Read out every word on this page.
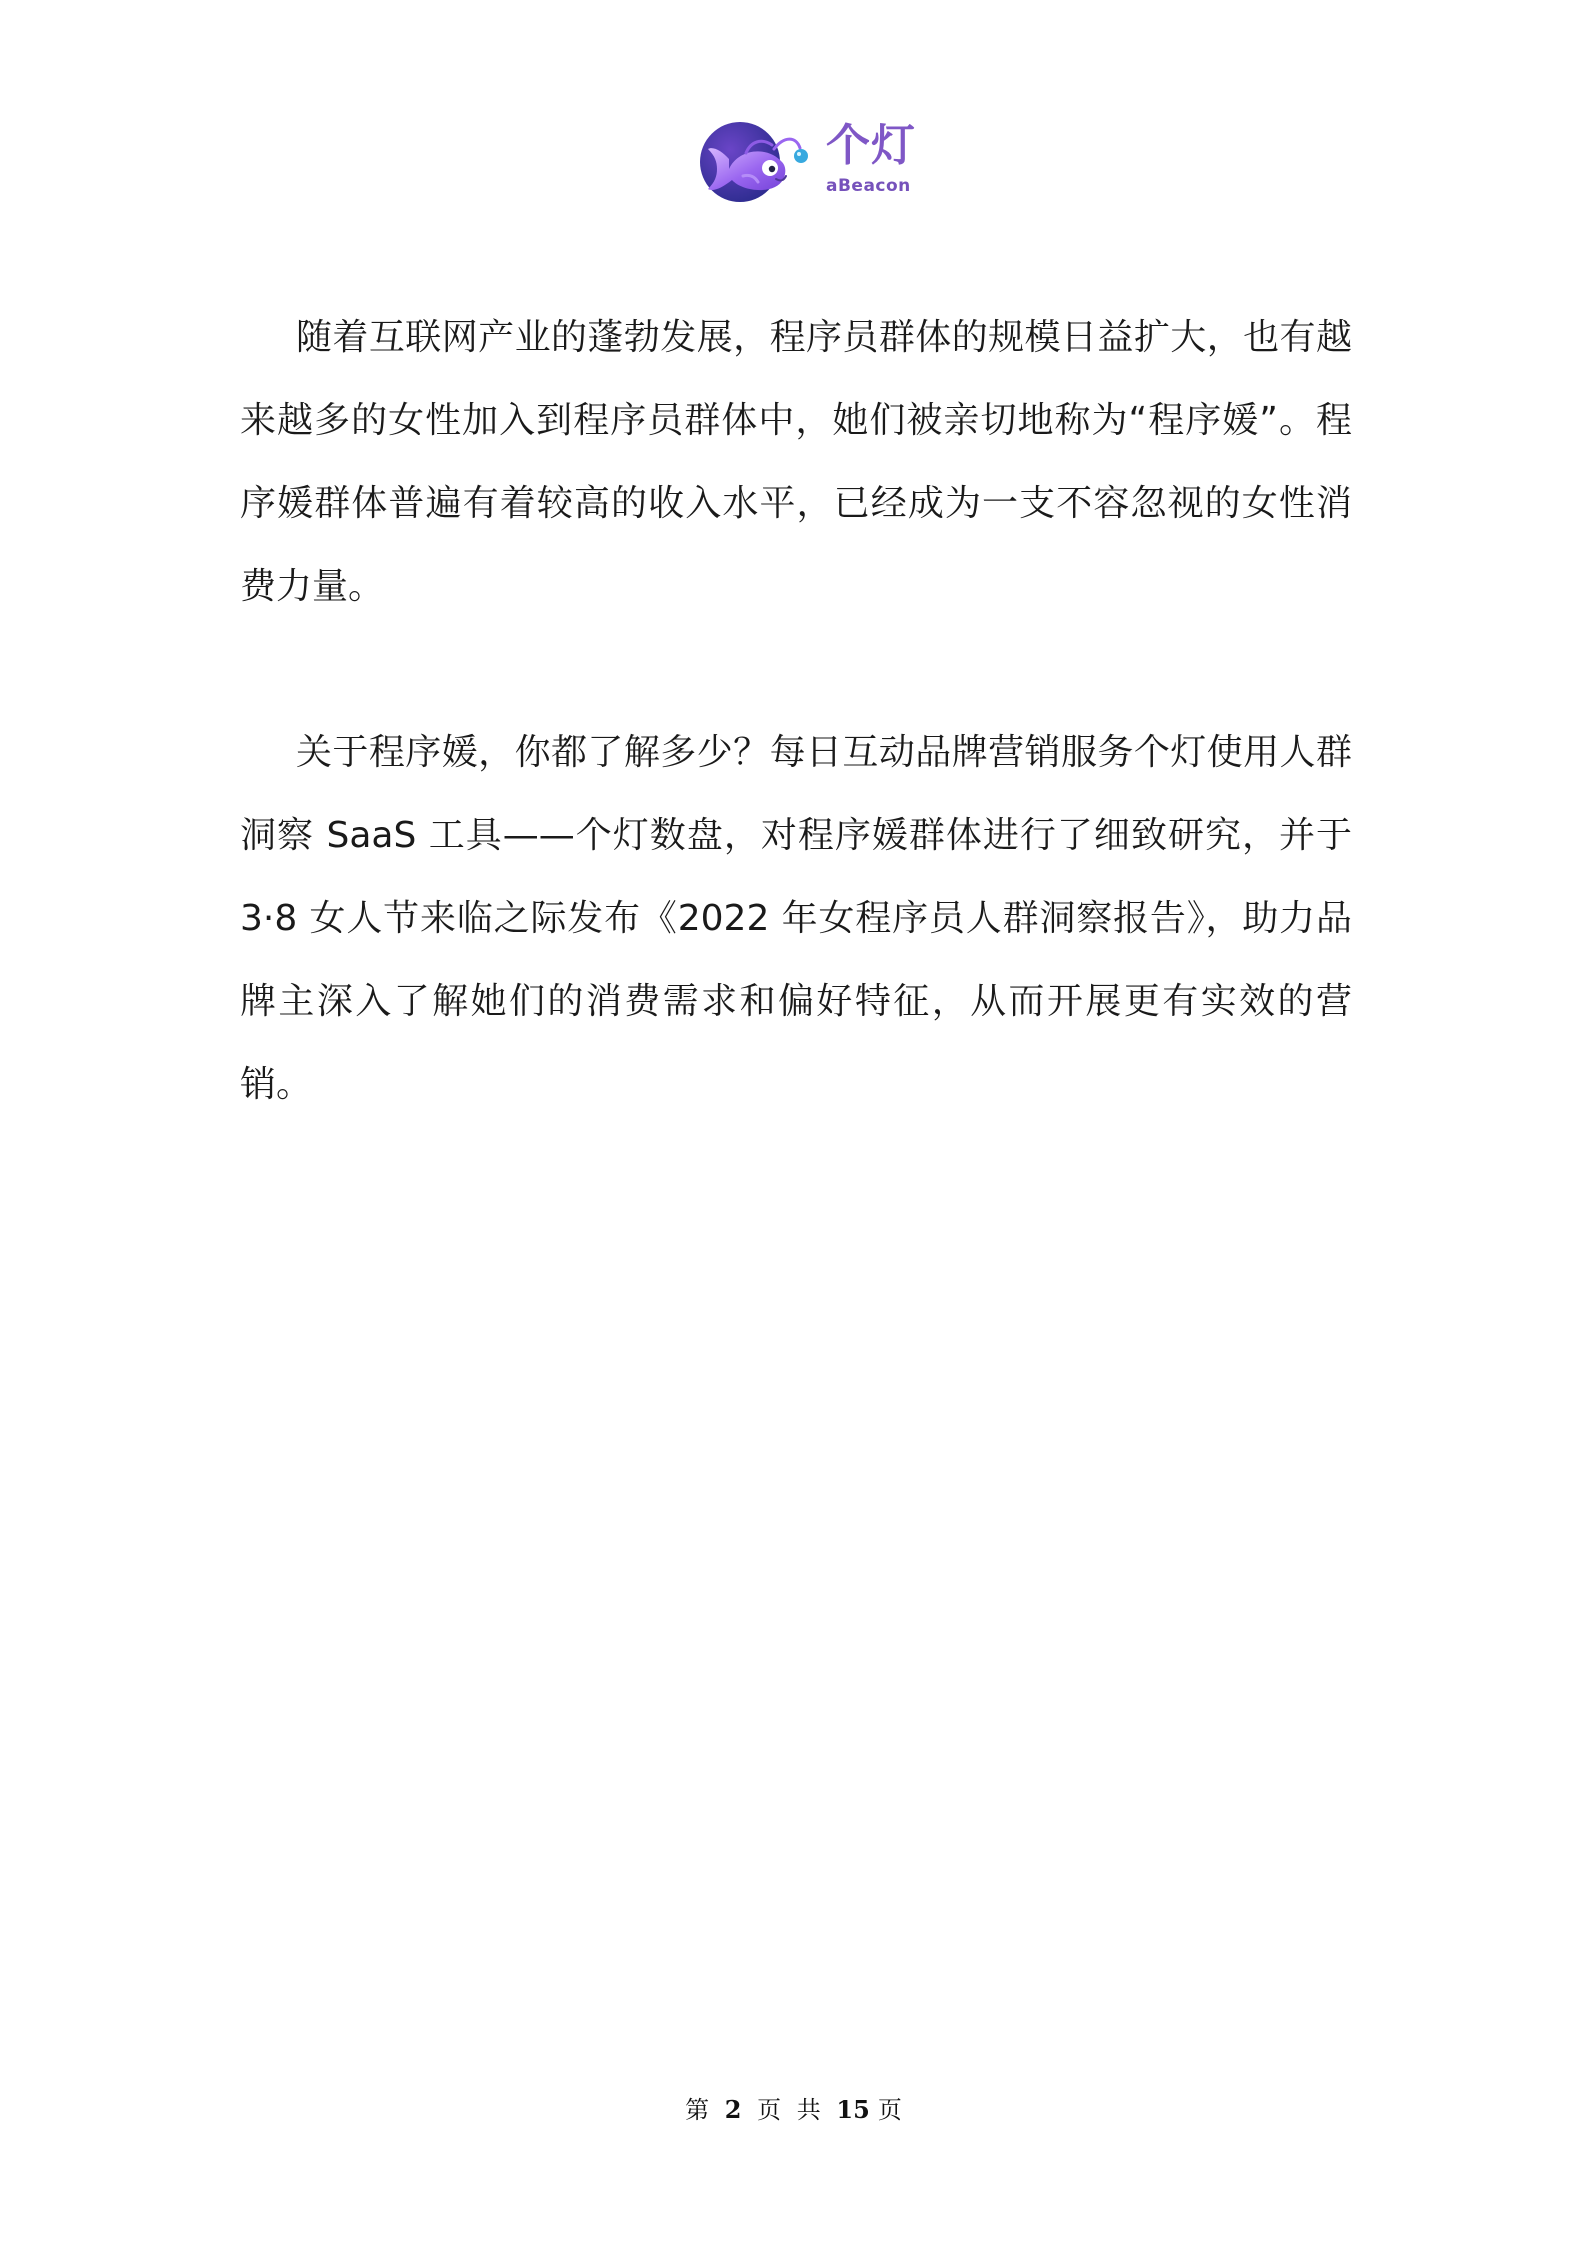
个灯
aBeacon

随着互联网产业的蓬勃发展，程序员群体的规模日益扩大，也有越来越多的女性加入到程序员群体中，她们被亲切地称为“程序媛”。程序媛群体普遍有着较高的收入水平，已经成为一支不容忽视的女性消费力量。

关于程序媛，你都了解多少？每日互动品牌营销服务个灯使用人群洞察 SaaS 工具——个灯数盘，对程序媛群体进行了细致研究，并于 3·8 女人节来临之际发布《2022 年女程序员人群洞察报告》，助力品牌主深入了解她们的消费需求和偏好特征，从而开展更有实效的营销。

第 2 页 共 15 页
